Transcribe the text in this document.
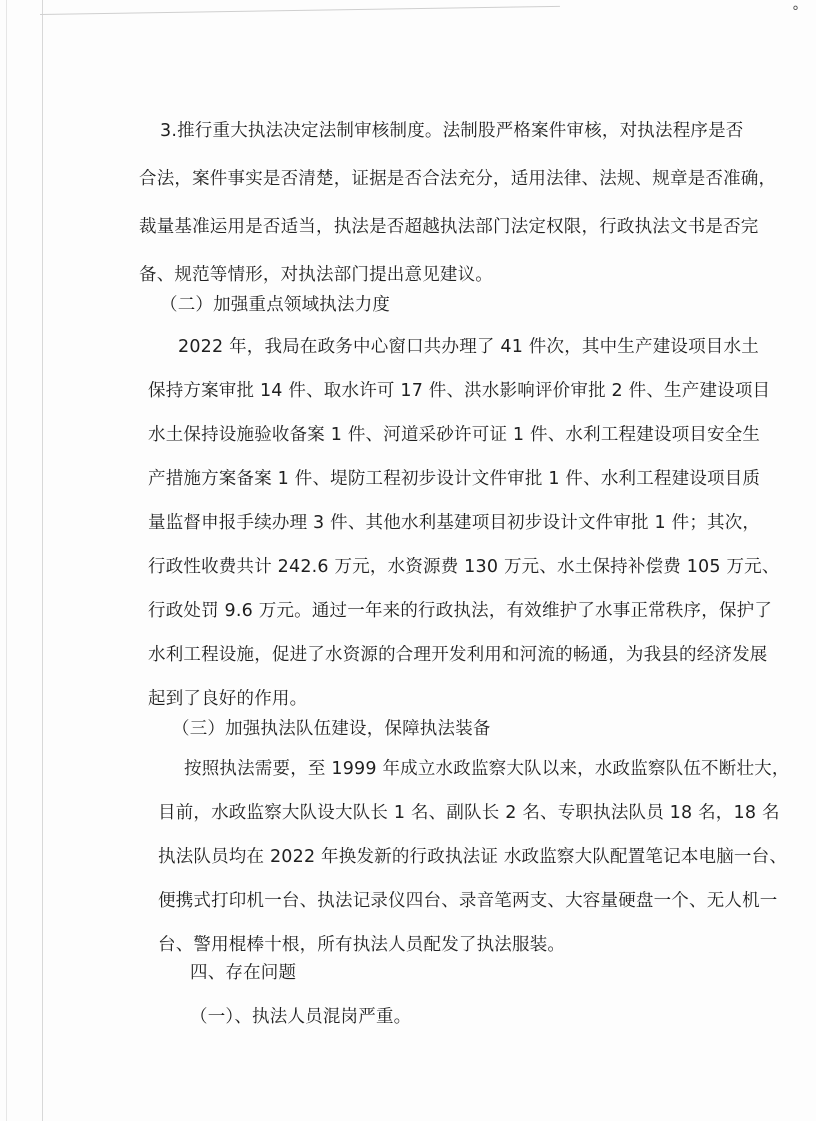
°
3.推行重大执法决定法制审核制度。法制股严格案件审核，对执法程序是否
合法，案件事实是否清楚，证据是否合法充分，适用法律、法规、规章是否准确，
裁量基准运用是否适当，执法是否超越执法部门法定权限，行政执法文书是否完
备、规范等情形，对执法部门提出意见建议。
（二）加强重点领域执法力度
2022 年，我局在政务中心窗口共办理了 41 件次，其中生产建设项目水土
保持方案审批 14 件、取水许可 17 件、洪水影响评价审批 2 件、生产建设项目
水土保持设施验收备案 1 件、河道采砂许可证 1 件、水利工程建设项目安全生
产措施方案备案 1 件、堤防工程初步设计文件审批 1 件、水利工程建设项目质
量监督申报手续办理 3 件、其他水利基建项目初步设计文件审批 1 件；其次，
行政性收费共计 242.6 万元，水资源费 130 万元、水土保持补偿费 105 万元、
行政处罚 9.6 万元。通过一年来的行政执法，有效维护了水事正常秩序，保护了
水利工程设施，促进了水资源的合理开发利用和河流的畅通，为我县的经济发展
起到了良好的作用。
（三）加强执法队伍建设，保障执法装备
按照执法需要，至 1999 年成立水政监察大队以来，水政监察队伍不断壮大，
目前，水政监察大队设大队长 1 名、副队长 2 名、专职执法队员 18 名，18 名
执法队员均在 2022 年换发新的行政执法证 水政监察大队配置笔记本电脑一台、
便携式打印机一台、执法记录仪四台、录音笔两支、大容量硬盘一个、无人机一
台、警用棍棒十根，所有执法人员配发了执法服装。
四、存在问题
（一）、执法人员混岗严重。
